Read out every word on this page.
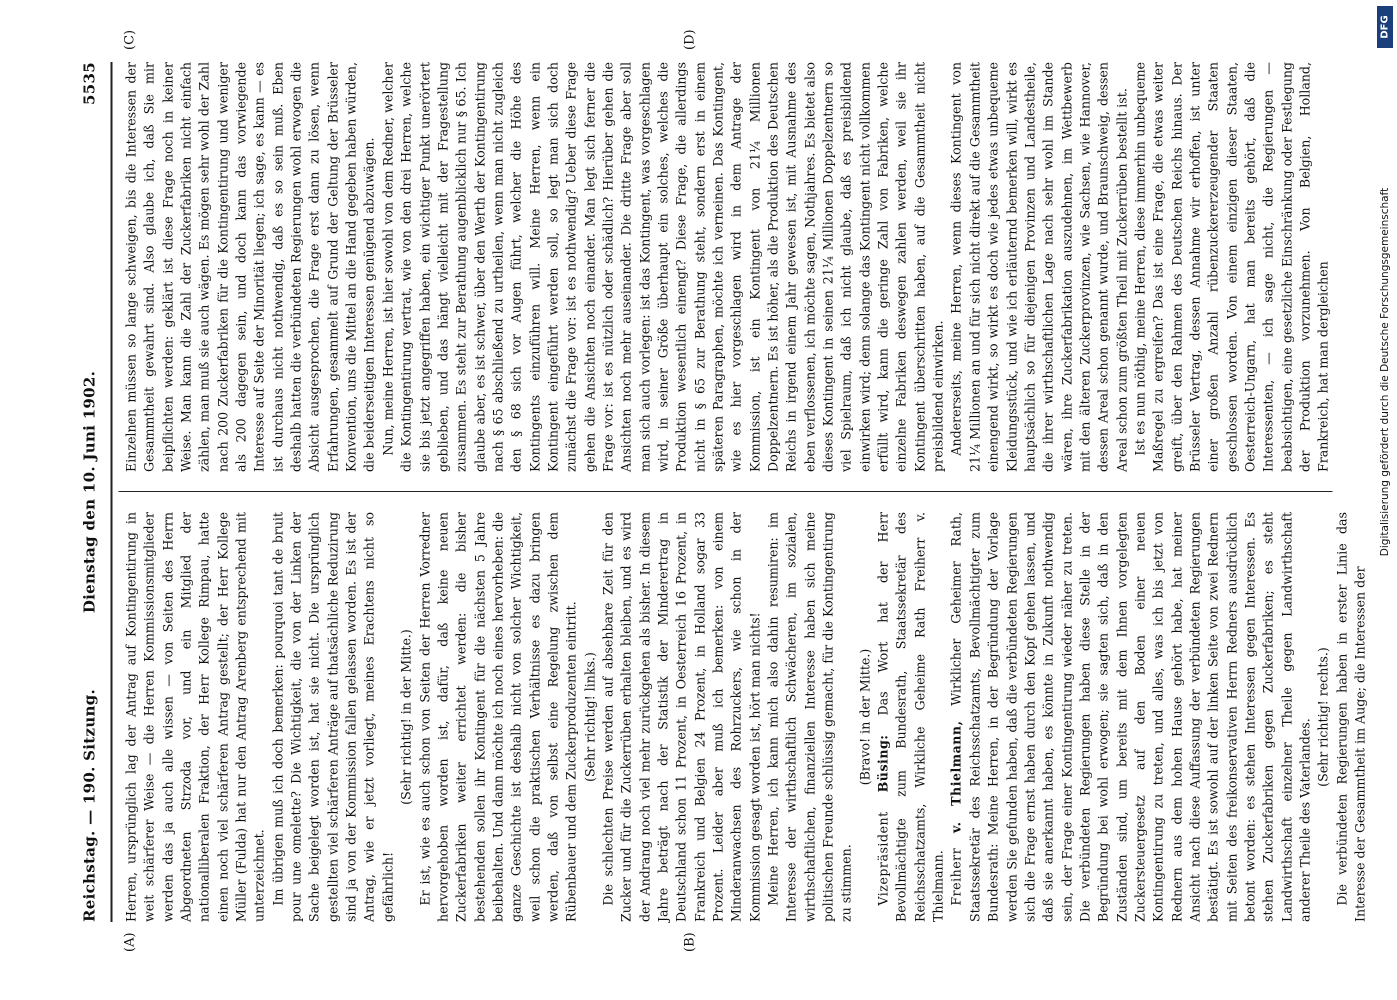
Reichstag. — 190. Sitzung.
Dienstag den 10. Juni 1902.
5535
(A)	(B)
(C)	(D)

Herren, ursprünglich lag der Antrag auf Kontingentirung in weit schärferer Weise — die Herren Kommissionsmitglieder werden das ja auch alle wissen — von Seiten des Herrn Abgeordneten Strzoda vor, und ein Mitglied der nationalliberalen Fraktion, der Herr Kollege Rimpau, hatte einen noch viel schärferen Antrag gestellt; der Herr Kollege Müller (Fulda) hat nur den Antrag Arenberg entsprechend mit unterzeichnet. Im übrigen muß ich doch bemerken: pourquoi tant de bruit pour une omelette? Die Wichtigkeit, die von der Linken der Sache beigelegt worden ist, hat sie nicht. Die ursprünglich gestellten viel schärferen Anträge auf thatsächliche Reduzirung sind ja von der Kommission fallen gelassen worden. Es ist der Antrag, wie er jetzt vorliegt, meines Erachtens nicht so gefährlich!

(Sehr richtig! in der Mitte.) Er ist, wie es auch schon von Seiten der Herren Vorredner hervorgehoben worden ist, dafür, daß keine neuen Zuckerfabriken weiter errichtet werden: die bisher bestehenden sollen ihr Kontingent für die nächsten 5 Jahre beibehalten. Und dann möchte ich noch eines hervorheben: die ganze Geschichte ist deshalb nicht von solcher Wichtigkeit, weil schon die praktischen Verhältnisse es dazu bringen werden, daß von selbst eine Regelung zwischen dem Rübenbauer und dem Zuckerproduzenten eintritt. (Sehr richtig! links.) Die schlechten Preise werden auf absehbare Zeit für den Zucker und für die Zuckerrüben erhalten bleiben, und es wird der Andrang noch viel mehr zurückgehen als bisher. In diesem Jahre beträgt nach der Statistik der Minderertrag in Deutschland schon 11 Prozent, in Oesterreich 16 Prozent, in Frankreich und Belgien 24 Prozent, in Holland sogar 33 Prozent. Leider aber muß ich bemerken: von einem Minderanwachsen des Rohrzuckers, wie schon in der Kommission gesagt worden ist, hört man nichts! Meine Herren, ich kann mich also dahin resumiren: im Interesse der wirthschaftlich Schwächeren, im sozialen, wirthschaftlichen, finanziellen Interesse haben sich meine politischen Freunde schlüssig gemacht, für die Kontingentirung zu stimmen.

(Bravo! in der Mitte.)

Vizepräsident Büsing: Das Wort hat der Herr Bevollmächtigte zum Bundesrath, Staatssekretär des Reichsschatzamts, Wirkliche Geheime Rath Freiherr v. Thielmann. Freiherr v. Thielmann, Wirklicher Geheimer Rath, Staatssekretär des Reichsschatzamts, Bevollmächtigter zum Bundesrath: Meine Herren, in der Begründung der Vorlage werden Sie gefunden haben, daß die verbündeten Regierungen sich die Frage ernst haben durch den Kopf gehen lassen, und daß sie anerkannt haben, es könnte in Zukunft nothwendig sein, der Frage einer Kontingentirung wieder näher zu treten. Die verbündeten Regierungen haben diese Stelle in der Begründung bei wohl erwogen; sie sagten sich, daß in den Zuständen sind, um bereits mit dem Ihnen vorgelegten Zuckersteuergesetz auf den Boden einer neuen Kontingentirung zu treten, und alles, was ich bis jetzt von Rednern aus dem hohen Hause gehört habe, hat meiner Ansicht nach diese Auffassung der verbündeten Regierungen bestätigt. Es ist sowohl auf der linken Seite von zwei Rednern mit Seiten des freikonservativen Herrn Redners ausdrücklich betont worden: es stehen Interessen gegen Interessen. Es stehen Zuckerfabriken gegen Zuckerfabriken; es steht Landwirthschaft einzelner Theile gegen Landwirthschaft anderer Theile des Vaterlandes.

(Sehr richtig! rechts.) Die verbündeten Regierungen haben in erster Linie das Interesse der Gesammtheit im Auge; die Interessen der

Einzelnen müssen so lange schweigen, bis die Interessen der Gesammtheit gewahrt sind. Also glaube ich, daß Sie mir beipflichten werden: geklärt ist diese Frage noch in keiner Weise. Man kann die Zahl der Zuckerfabriken nicht einfach zählen, man muß sie auch wägen. Es mögen sehr wohl der Zahl nach 200 Zuckerfabriken für die Kontingentirung und weniger als 200 dagegen sein, und doch kann das vorwiegende Interesse auf Seite der Minorität liegen; ich sage, es kann — es ist durchaus nicht nothwendig, daß es so sein muß. Eben deshalb hatten die verbündeten Regierungen wohl erwogen die Absicht ausgesprochen, die Frage erst dann zu lösen, wenn Erfahrungen, gesammelt auf Grund der Geltung der Brüsseler Konvention, uns die Mittel an die Hand gegeben haben würden, die beiderseitigen Interessen genügend abzuwägen. Nun, meine Herren, ist hier sowohl von dem Redner, welcher die Kontingentirung vertrat, wie von den drei Herren, welche sie bis jetzt angegriffen haben, ein wichtiger Punkt unerörtert geblieben, und das hängt vielleicht mit der Fragestellung zusammen. Es steht zur Berathung augenblicklich nur § 65. Ich glaube aber, es ist schwer, über den Werth der Kontingentirung nach § 65 abschließend zu urtheilen, wenn man nicht zugleich den § 68 sich vor Augen führt, welcher die Höhe des Kontingents einzuführen will. Meine Herren, wenn ein Kontingent eingeführt werden soll, so legt man sich doch zunächst die Frage vor: ist es nothwendig? Ueber diese Frage gehen die Ansichten noch einander. Man legt sich ferner die Frage vor: ist es nützlich oder schädlich? Hierüber gehen die Ansichten noch mehr auseinander. Die dritte Frage aber soll man sich auch vorlegen: ist das Kontingent, was vorgeschlagen wird, in seiner Größe überhaupt ein solches, welches die Produktion wesentlich einengt? Diese Frage, die allerdings nicht in § 65 zur Berathung steht, sondern erst in einem späteren Paragraphen, möchte ich verneinen. Das Kontingent, wie es hier vorgeschlagen wird in dem Antrage der Kommission, ist ein Kontingent von 21¼ Millionen Doppelzentnern. Es ist höher, als die Produktion des Deutschen Reichs in irgend einem Jahr gewesen ist, mit Ausnahme des eben verflossenen, ich möchte sagen, Nothjahres. Es bietet also dieses Kontingent in seinen 21¼ Millionen Doppelzentnern so viel Spielraum, daß ich nicht glaube, daß es preisbildend einwirken wird; denn solange das Kontingent nicht vollkommen erfüllt wird, kann die geringe Zahl von Fabriken, welche einzelne Fabriken deswegen zahlen werden, weil sie ihr Kontingent überschritten haben, auf die Gesammtheit nicht preisbildend einwirken. Andererseits, meine Herren, wenn dieses Kontingent von 21¼ Millionen an und für sich nicht direkt auf die Gesammtheit einengend wirkt, so wirkt es doch wie jedes etwas unbequeme Kleidungsstück, und wie ich erläuternd bemerken will, wirkt es hauptsächlich so für diejenigen Provinzen und Landestheile, die ihrer wirthschaftlichen Lage nach sehr wohl im Stande wären, ihre Zuckerfabrikation auszudehnen, im Wettbewerb mit den älteren Zuckerprovinzen, wie Sachsen, wie Hannover, dessen Areal schon genannt wurde, und Braunschweig, dessen Areal schon zum größten Theil mit Zuckerrüben bestellt ist. Ist es nun nöthig, meine Herren, diese immerhin unbequeme Maßregel zu ergreifen? Das ist eine Frage, die etwas weiter greift, über den Rahmen des Deutschen Reichs hinaus. Der Brüsseler Vertrag, dessen Annahme wir erhoffen, ist unter einer großen Anzahl rübenzuckererzeugender Staaten geschlossen worden. Von einem einzigen dieser Staaten, Oesterreich-Ungarn, hat man bereits gehört, daß die Interessenten, — ich sage nicht, die Regierungen — beabsichtigen, eine gesetzliche Einschränkung oder Festlegung der Produktion vorzunehmen. Von Belgien, Holland, Frankreich, hat man dergleichen

DFG
Digitalisierung gefördert durch die Deutsche Forschungsgemeinschaft
